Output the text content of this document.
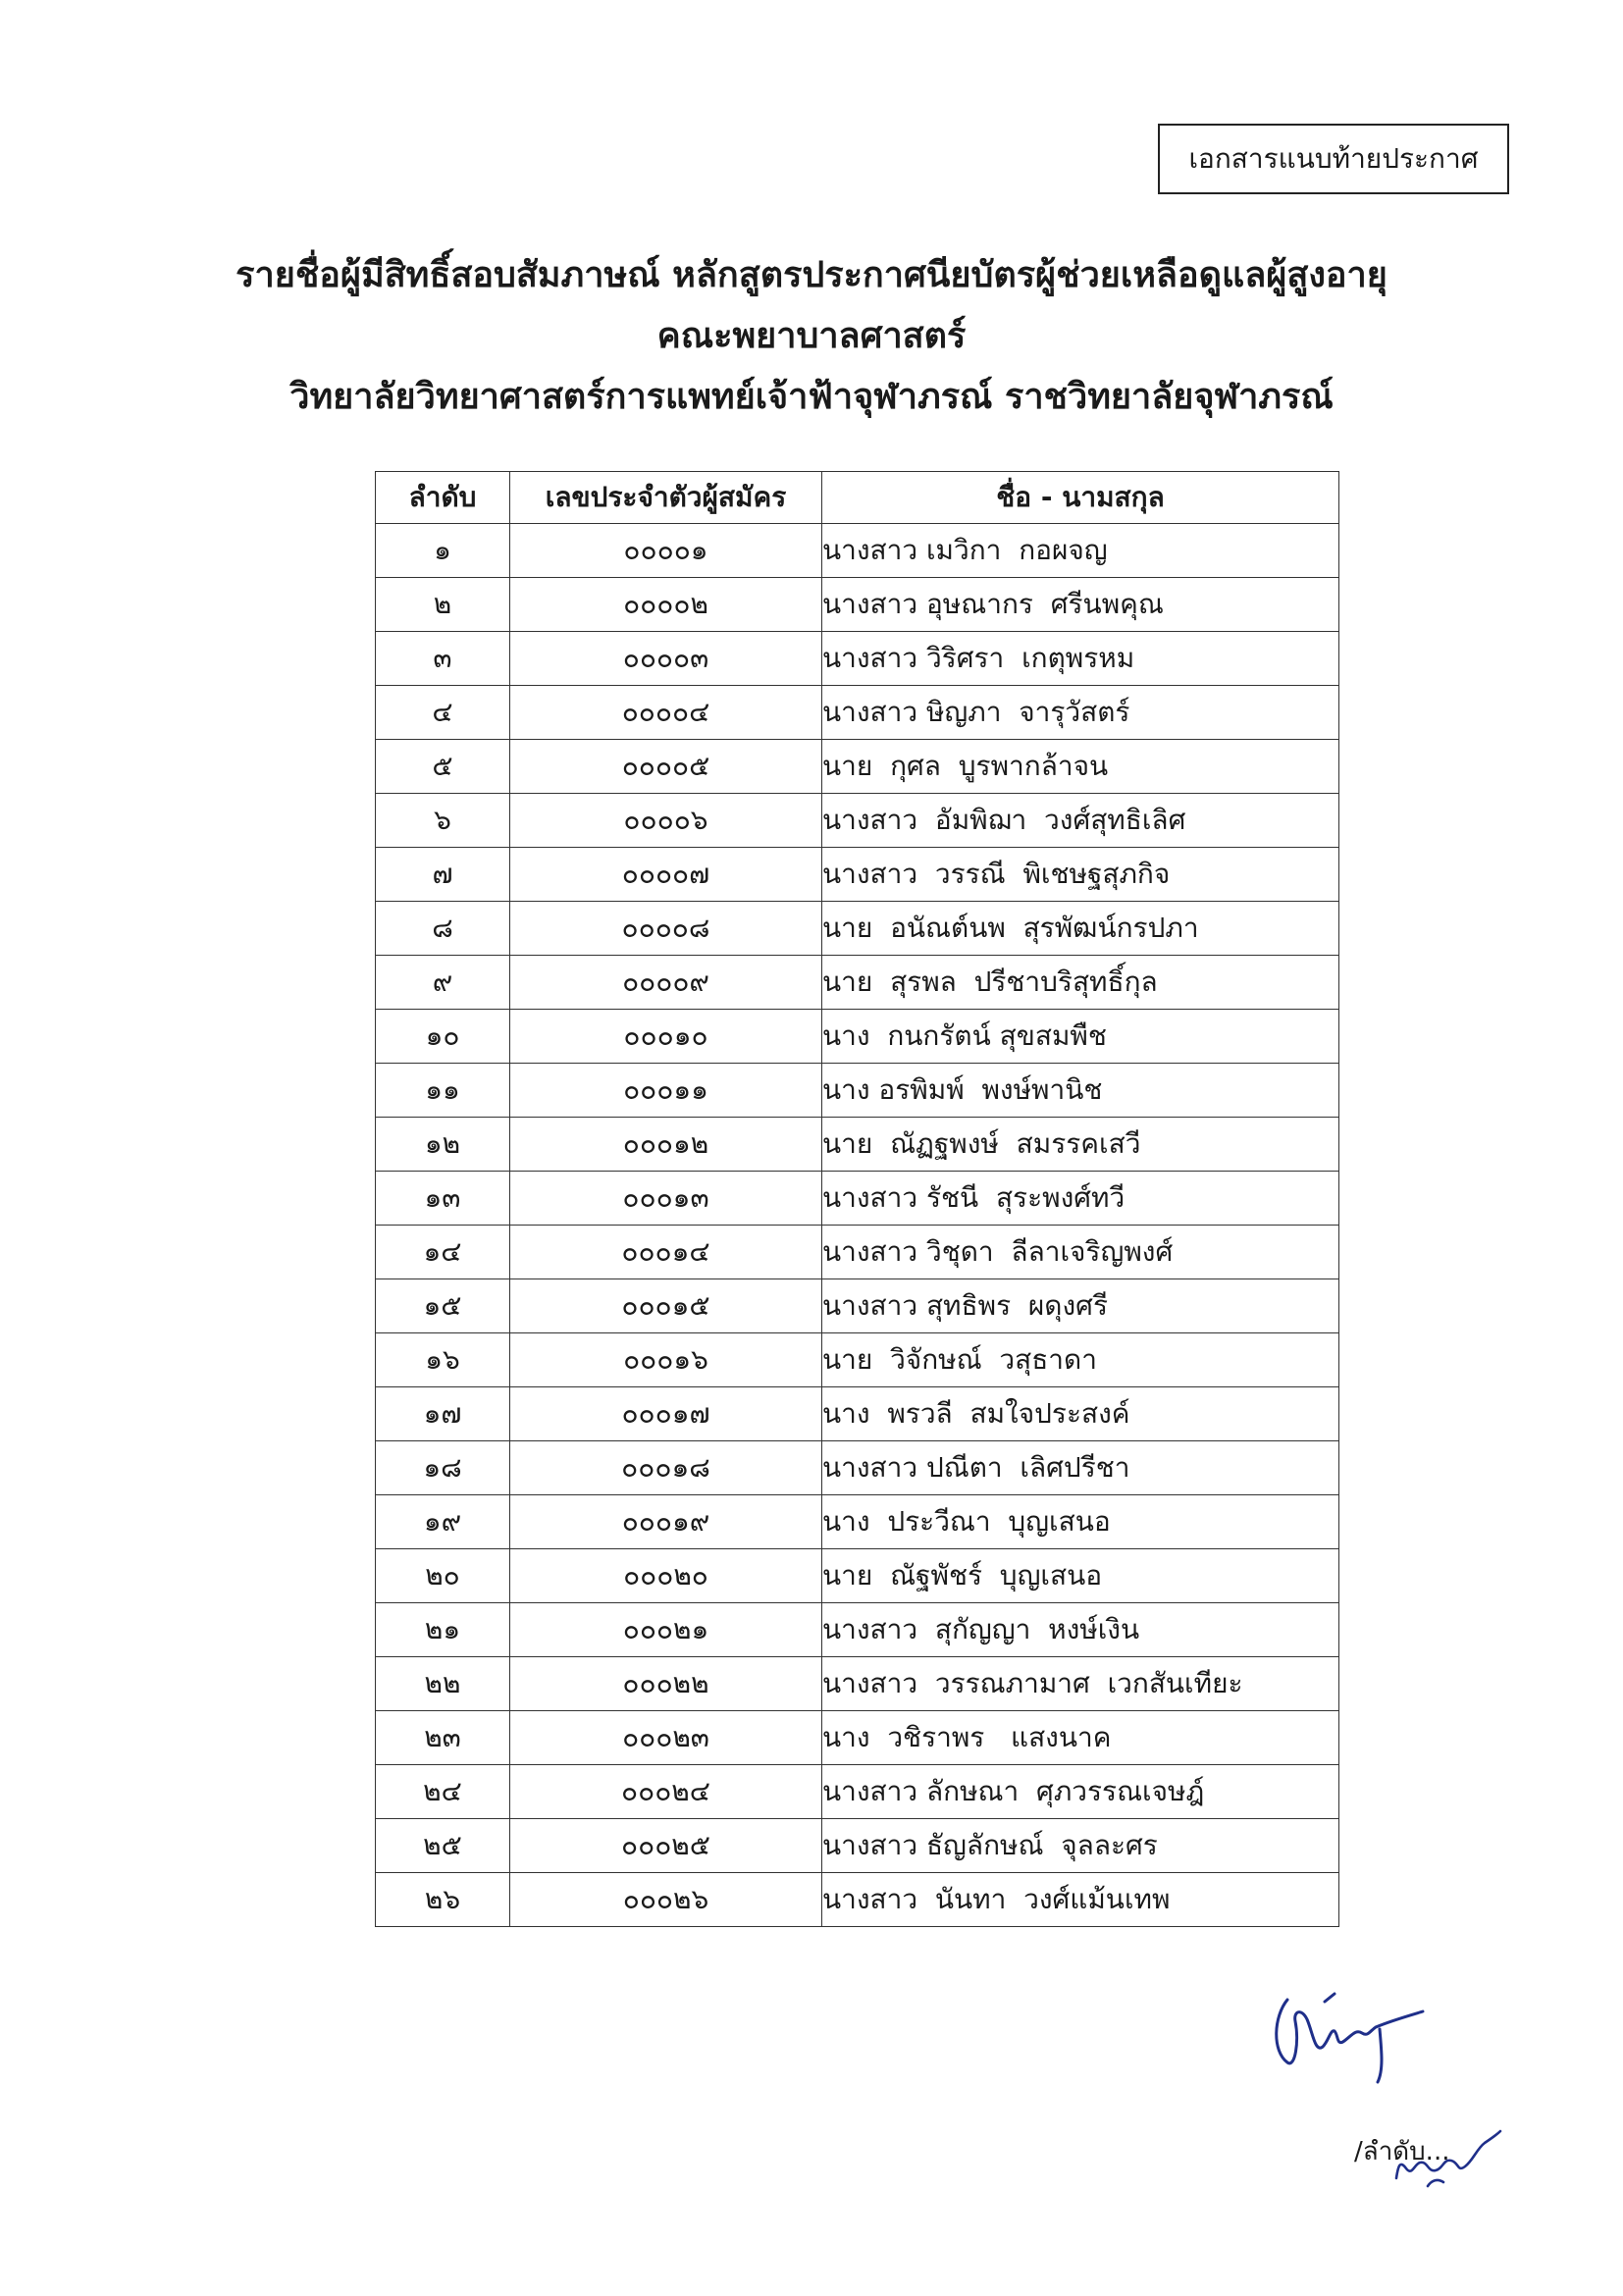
เอกสารแนบท้ายประกาศ
รายชื่อผู้มีสิทธิ์สอบสัมภาษณ์ หลักสูตรประกาศนียบัตรผู้ช่วยเหลือดูแลผู้สูงอายุ
คณะพยาบาลศาสตร์
วิทยาลัยวิทยาศาสตร์การแพทย์เจ้าฟ้าจุฬาภรณ์ ราชวิทยาลัยจุฬาภรณ์
ลำดับ	เลขประจำตัวผู้สมัคร	ชื่อ - นามสกุล
๑	๐๐๐๐๑	นางสาว เมวิกา  กอผจญ
๒	๐๐๐๐๒	นางสาว อุษณากร  ศรีนพคุณ
๓	๐๐๐๐๓	นางสาว วิริศรา  เกตุพรหม
๔	๐๐๐๐๔	นางสาว ษิญภา  จารุวัสตร์
๕	๐๐๐๐๕	นาย  กุศล  บูรพากล้าจน
๖	๐๐๐๐๖	นางสาว  อัมพิฌา  วงศ์สุทธิเลิศ
๗	๐๐๐๐๗	นางสาว  วรรณี  พิเชษฐสุภกิจ
๘	๐๐๐๐๘	นาย  อนัณต์นพ  สุรพัฒน์กรปภา
๙	๐๐๐๐๙	นาย  สุรพล  ปรีชาบริสุทธิ์กุล
๑๐	๐๐๐๑๐	นาง  กนกรัตน์ สุขสมพืช
๑๑	๐๐๐๑๑	นาง อรพิมพ์  พงษ์พานิช
๑๒	๐๐๐๑๒	นาย  ณัฏฐพงษ์  สมรรคเสวี
๑๓	๐๐๐๑๓	นางสาว รัชนี  สุระพงศ์ทวี
๑๔	๐๐๐๑๔	นางสาว วิชุดา  ลีลาเจริญพงศ์
๑๕	๐๐๐๑๕	นางสาว สุทธิพร  ผดุงศรี
๑๖	๐๐๐๑๖	นาย  วิจักษณ์  วสุธาดา
๑๗	๐๐๐๑๗	นาง  พรวลี  สมใจประสงค์
๑๘	๐๐๐๑๘	นางสาว ปณีตา  เลิศปรีชา
๑๙	๐๐๐๑๙	นาง  ประวีณา  บุญเสนอ
๒๐	๐๐๐๒๐	นาย  ณัฐพัชร์  บุญเสนอ
๒๑	๐๐๐๒๑	นางสาว  สุกัญญา  หงษ์เงิน
๒๒	๐๐๐๒๒	นางสาว  วรรณภามาศ  เวกสันเทียะ
๒๓	๐๐๐๒๓	นาง  วชิราพร   แสงนาค
๒๔	๐๐๐๒๔	นางสาว ลักษณา  ศุภวรรณเจษฎ์
๒๕	๐๐๐๒๕	นางสาว ธัญลักษณ์  จุลละศร
๒๖	๐๐๐๒๖	นางสาว  นันทา  วงศ์แม้นเทพ
/ลำดับ...
